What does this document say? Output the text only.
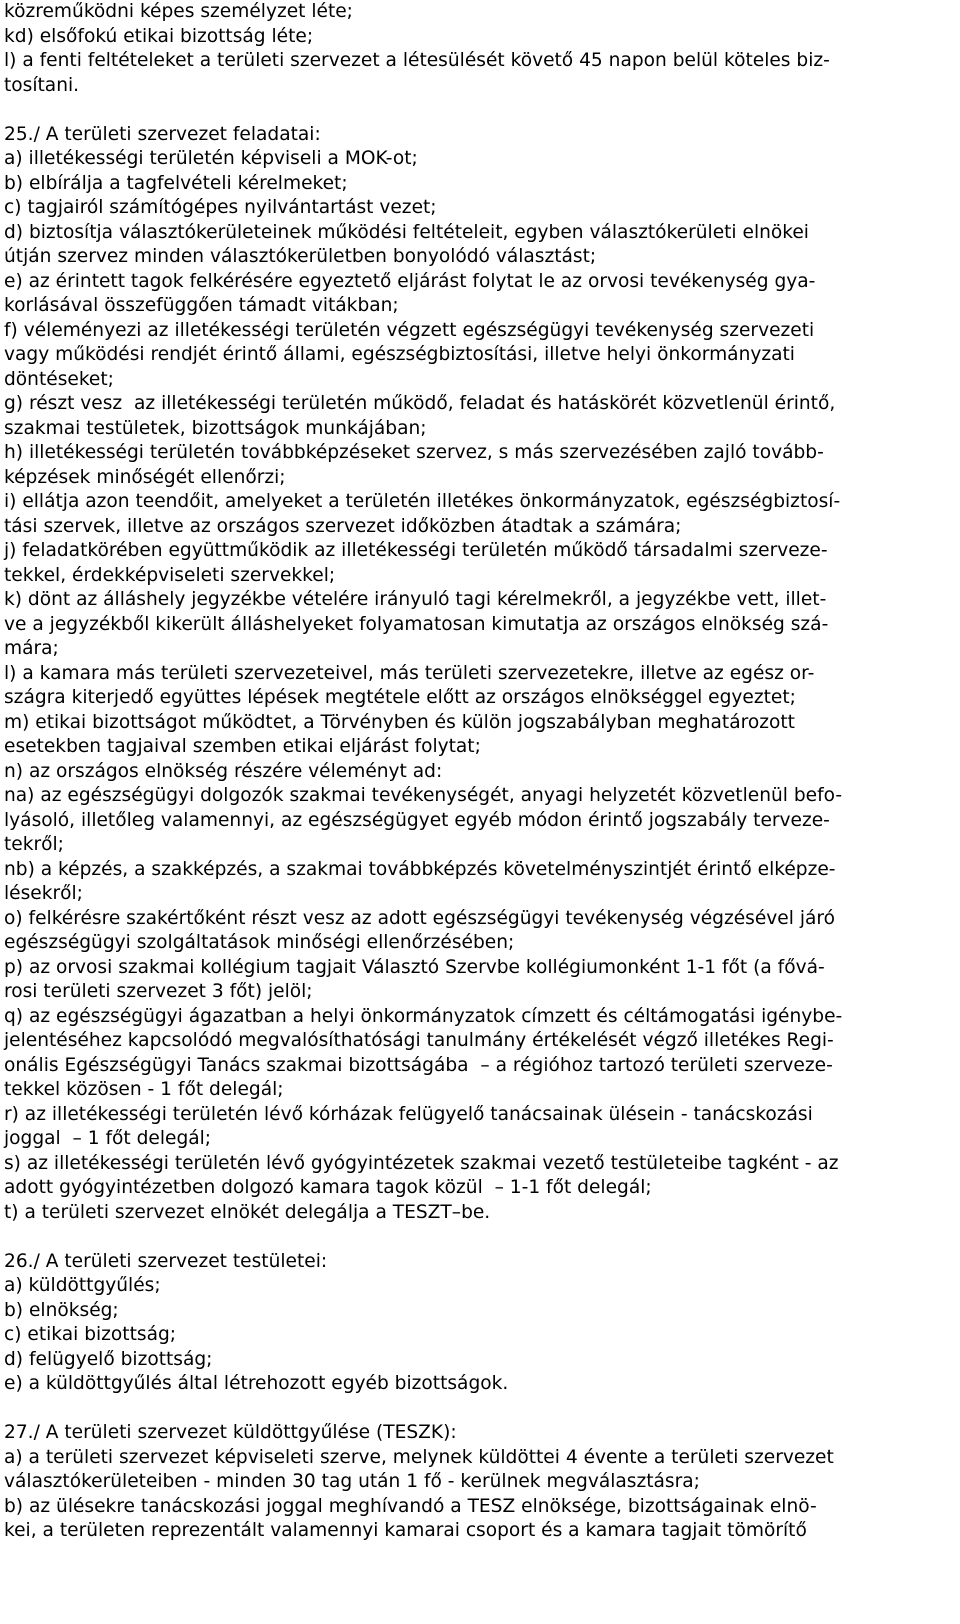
közreműködni képes személyzet léte;
kd) elsőfokú etikai bizottság léte;
l) a fenti feltételeket a területi szervezet a létesülését követő 45 napon belül köteles biz-
tosítani.
25./ A területi szervezet feladatai:
a) illetékességi területén képviseli a MOK-ot;
b) elbírálja a tagfelvételi kérelmeket;
c) tagjairól számítógépes nyilvántartást vezet;
d) biztosítja választókerületeinek működési feltételeit, egyben választókerületi elnökei
útján szervez minden választókerületben bonyolódó választást;
e) az érintett tagok felkérésére egyeztető eljárást folytat le az orvosi tevékenység gya-
korlásával összefüggően támadt vitákban;
f) véleményezi az illetékességi területén végzett egészségügyi tevékenység szervezeti
vagy működési rendjét érintő állami, egészségbiztosítási, illetve helyi önkormányzati
döntéseket;
g) részt vesz  az illetékességi területén működő, feladat és hatáskörét közvetlenül érintő,
szakmai testületek, bizottságok munkájában;
h) illetékességi területén továbbképzéseket szervez, s más szervezésében zajló tovább-
képzések minőségét ellenőrzi;
i) ellátja azon teendőit, amelyeket a területén illetékes önkormányzatok, egészségbiztosí-
tási szervek, illetve az országos szervezet időközben átadtak a számára;
j) feladatkörében együttműködik az illetékességi területén működő társadalmi szerveze-
tekkel, érdekképviseleti szervekkel;
k) dönt az álláshely jegyzékbe vételére irányuló tagi kérelmekről, a jegyzékbe vett, illet-
ve a jegyzékből kikerült álláshelyeket folyamatosan kimutatja az országos elnökség szá-
mára;
l) a kamara más területi szervezeteivel, más területi szervezetekre, illetve az egész or-
szágra kiterjedő együttes lépések megtétele előtt az országos elnökséggel egyeztet;
m) etikai bizottságot működtet, a Törvényben és külön jogszabályban meghatározott
esetekben tagjaival szemben etikai eljárást folytat;
n) az országos elnökség részére véleményt ad:
na) az egészségügyi dolgozók szakmai tevékenységét, anyagi helyzetét közvetlenül befo-
lyásoló, illetőleg valamennyi, az egészségügyet egyéb módon érintő jogszabály terveze-
tekről;
nb) a képzés, a szakképzés, a szakmai továbbképzés követelményszintjét érintő elképze-
lésekről;
o) felkérésre szakértőként részt vesz az adott egészségügyi tevékenység végzésével járó
egészségügyi szolgáltatások minőségi ellenőrzésében;
p) az orvosi szakmai kollégium tagjait Választó Szervbe kollégiumonként 1-1 főt (a fővá-
rosi területi szervezet 3 főt) jelöl;
q) az egészségügyi ágazatban a helyi önkormányzatok címzett és céltámogatási igénybe-
jelentéséhez kapcsolódó megvalósíthatósági tanulmány értékelését végző illetékes Regi-
onális Egészségügyi Tanács szakmai bizottságába  – a régióhoz tartozó területi szerveze-
tekkel közösen - 1 főt delegál;
r) az illetékességi területén lévő kórházak felügyelő tanácsainak ülésein - tanácskozási
joggal  – 1 főt delegál;
s) az illetékességi területén lévő gyógyintézetek szakmai vezető testületeibe tagként - az
adott gyógyintézetben dolgozó kamara tagok közül  – 1-1 főt delegál;
t) a területi szervezet elnökét delegálja a TESZT–be.
26./ A területi szervezet testületei:
a) küldöttgyűlés;
b) elnökség;
c) etikai bizottság;
d) felügyelő bizottság;
e) a küldöttgyűlés által létrehozott egyéb bizottságok.
27./ A területi szervezet küldöttgyűlése (TESZK):
a) a területi szervezet képviseleti szerve, melynek küldöttei 4 évente a területi szervezet
választókerületeiben - minden 30 tag után 1 fő - kerülnek megválasztásra;
b) az ülésekre tanácskozási joggal meghívandó a TESZ elnöksége, bizottságainak elnö-
kei, a területen reprezentált valamennyi kamarai csoport és a kamara tagjait tömörítő
